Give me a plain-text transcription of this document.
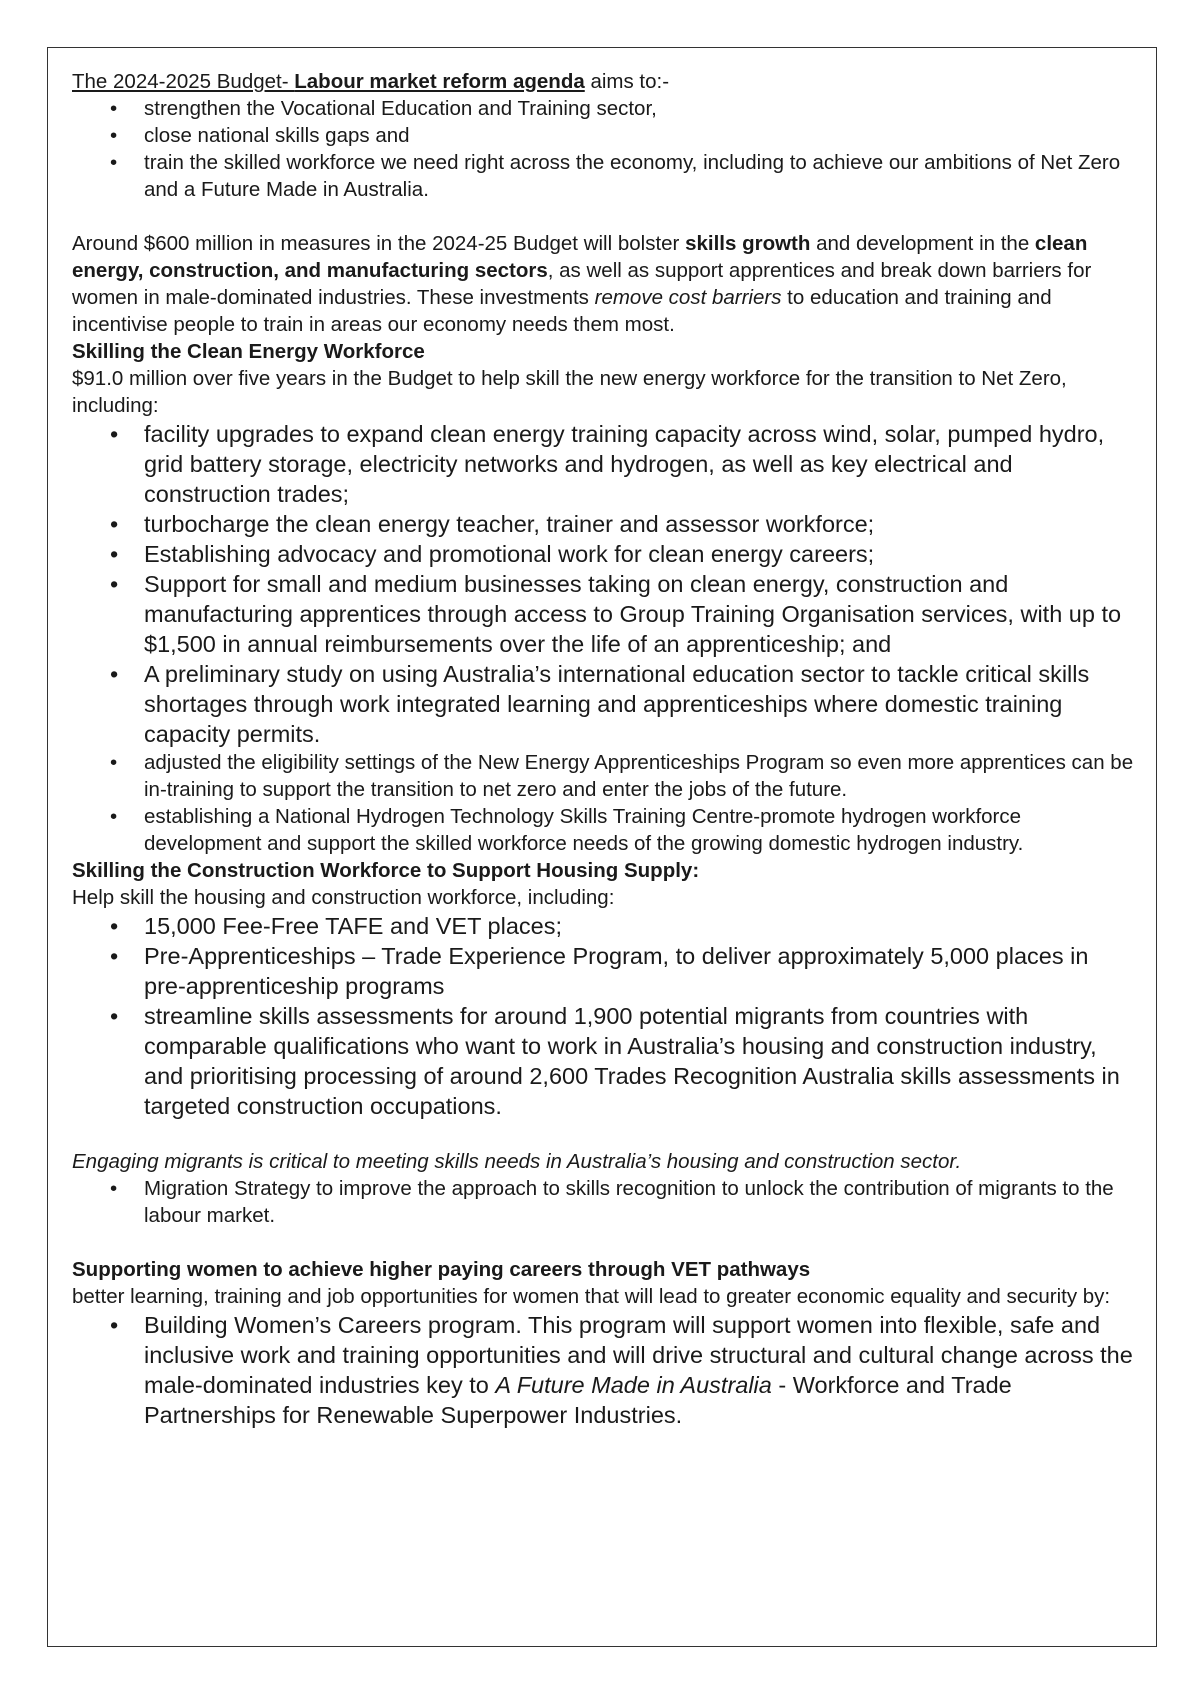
The 2024-2025 Budget- Labour market reform agenda aims to:-

• strengthen the Vocational Education and Training sector,
• close national skills gaps and
• train the skilled workforce we need right across the economy, including to achieve our ambitions of Net Zero and a Future Made in Australia.

Around $600 million in measures in the 2024-25 Budget will bolster skills growth and development in the clean energy, construction, and manufacturing sectors, as well as support apprentices and break down barriers for women in male-dominated industries. These investments remove cost barriers to education and training and incentivise people to train in areas our economy needs them most.

Skilling the Clean Energy Workforce

$91.0 million over five years in the Budget to help skill the new energy workforce for the transition to Net Zero, including:

• facility upgrades to expand clean energy training capacity across wind, solar, pumped hydro, grid battery storage, electricity networks and hydrogen, as well as key electrical and construction trades;
• turbocharge the clean energy teacher, trainer and assessor workforce;
• Establishing advocacy and promotional work for clean energy careers;
• Support for small and medium businesses taking on clean energy, construction and manufacturing apprentices through access to Group Training Organisation services, with up to $1,500 in annual reimbursements over the life of an apprenticeship; and
• A preliminary study on using Australia’s international education sector to tackle critical skills shortages through work integrated learning and apprenticeships where domestic training capacity permits.
• adjusted the eligibility settings of the New Energy Apprenticeships Program so even more apprentices can be in-training to support the transition to net zero and enter the jobs of the future.
• establishing a National Hydrogen Technology Skills Training Centre-promote hydrogen workforce development and support the skilled workforce needs of the growing domestic hydrogen industry.

Skilling the Construction Workforce to Support Housing Supply:

Help skill the housing and construction workforce, including:

• 15,000 Fee-Free TAFE and VET places;
• Pre-Apprenticeships – Trade Experience Program, to deliver approximately 5,000 places in pre-apprenticeship programs
• streamline skills assessments for around 1,900 potential migrants from countries with comparable qualifications who want to work in Australia’s housing and construction industry, and prioritising processing of around 2,600 Trades Recognition Australia skills assessments in targeted construction occupations.

Engaging migrants is critical to meeting skills needs in Australia’s housing and construction sector.

• Migration Strategy to improve the approach to skills recognition to unlock the contribution of migrants to the labour market.

Supporting women to achieve higher paying careers through VET pathways

better learning, training and job opportunities for women that will lead to greater economic equality and security by:

• Building Women’s Careers program. This program will support women into flexible, safe and inclusive work and training opportunities and will drive structural and cultural change across the male-dominated industries key to A Future Made in Australia - Workforce and Trade Partnerships for Renewable Superpower Industries.
